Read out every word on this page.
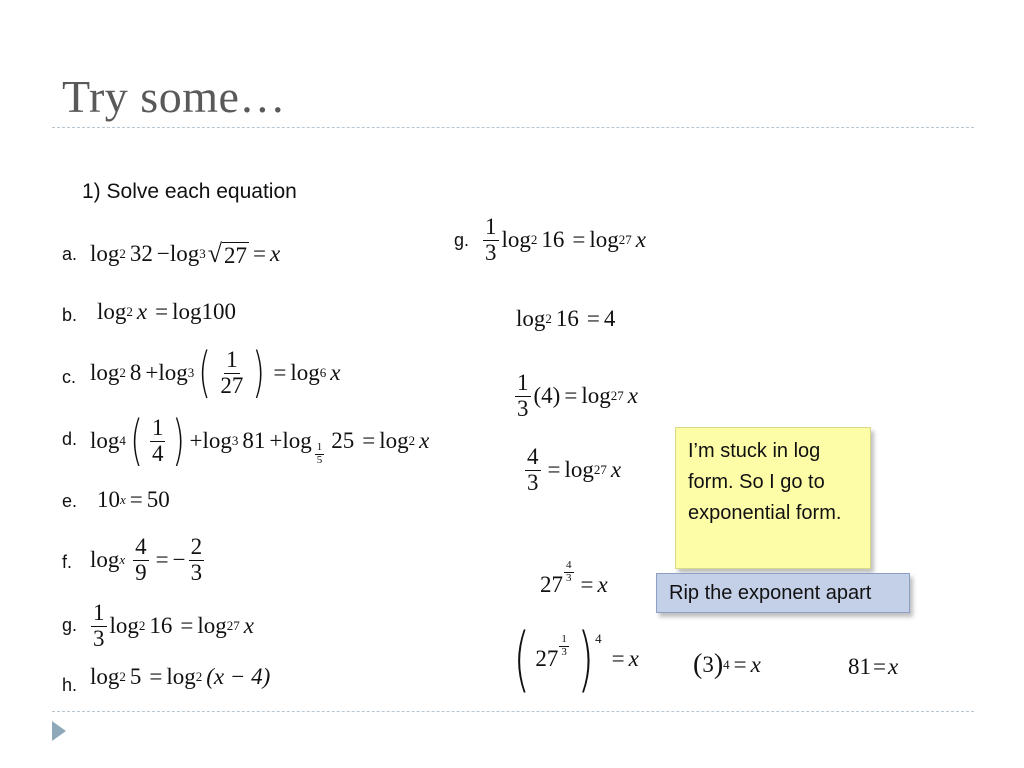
Try some…
1) Solve each equation
a. log 2 32 − log 3 √ 27 = x
b. log 2 x = log100
c. log 2 8 + log 3 ( $\frac{1}{27}$ ) = log 6 x
d. log 4 ( $\frac{1}{4}$ ) + log 3 81 + log
$\frac{1}{5}$
25 = log 2 x
e. 10 x = 50
f. log x $\frac{4}{9}$ = − $\frac{2}{3}$
g. $\frac{1}{3}$ log 2 16 = log 27 x
h. log 2 5 = log 2 (x − 4)
g. $\frac{1}{3}$ log 2 16 = log 27 x
log 2 16 = 4
$\frac{1}{3} (4) = \log 27$ x
$\frac{4}{3} = \log 27$ x
$27 \frac{4}{3} = x$
( $27 \frac{1}{3} )^4$
= x ( 3 ) 4 = x	81 = x
I’m stuck in log form. So I go to exponential form.
Rip the exponent apart
